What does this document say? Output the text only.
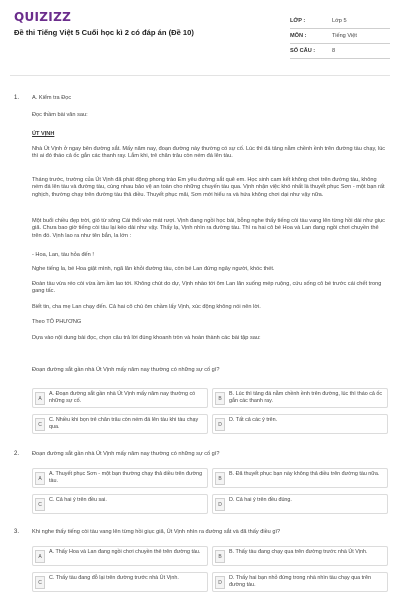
QUIZIZZ
Đề thi Tiếng Việt 5 Cuối học kì 2 có đáp án (Đề 10)
LỚP :	Lớp 5
MÔN :	Tiếng Việt
SỐ CÂU :	8
1. A. Kiểm tra Đọc
Đọc thầm bài văn sau:
ÚT VỊNH
Nhà Út Vịnh ở ngay bên đường sắt. Mấy năm nay, đoạn đường này thường có sự cố. Lúc thì đá tảng nằm chềnh ềnh trên đường tàu chạy, lúc thì ai đó tháo cả ốc gắn các thanh ray. Lắm khi, trẻ chăn trâu còn ném đá lên tàu.
Tháng trước, trường của Út Vịnh đã phát động phong trào Em yêu đường sắt quê em. Học sinh cam kết không chơi trên đường tàu, không ném đá lên tàu và đường tàu, cùng nhau bảo vệ an toàn cho những chuyến tàu qua. Vịnh nhận việc khó nhất là thuyết phục Sơn - một bạn rất nghịch, thường chạy trên đường tàu thả diều. Thuyết phục mãi, Sơn mới hiểu ra và hứa không chơi dại như vậy nữa.
Một buổi chiều đẹp trời, gió từ sông Cái thổi vào mát rượi. Vịnh đang ngồi học bài, bỗng nghe thấy tiếng còi tàu vang lên từng hồi dài như giục giã. Chưa bao giờ tiếng còi tàu lại kéo dài như vậy. Thấy lạ, Vịnh nhìn ra đường tàu. Thì ra hai cô bé Hoa và Lan đang ngồi chơi chuyền thẻ trên đó. Vịnh lao ra như tên bắn, la lớn :
- Hoa, Lan, tàu hỏa đến !
Nghe tiếng la, bé Hoa giật mình, ngã lăn khỏi đường tàu, còn bé Lan đứng ngây người, khóc thét.
Đoàn tàu vừa réo còi vừa ầm ầm lao tới. Không chút do dự, Vịnh nhào tới ôm Lan lăn xuống mép ruộng, cứu sống cô bé trước cái chết trong gang tấc.
Biết tin, cha mẹ Lan chạy đến. Cả hai cô chú ôm chầm lấy Vịnh, xúc động không nói nên lời.
Theo TÔ PHƯƠNG
Dựa vào nội dung bài đọc, chọn câu trả lời đúng khoanh tròn và hoàn thành các bài tập sau:
Đoạn đường sắt gần nhà Út Vịnh mấy năm nay thường có những sự cố gì?
A
A. Đoạn đường sắt gần nhà Út Vịnh mấy năm nay thường có những sự cố.	B
B. Lúc thì tảng đá nằm chềnh ềnh trên đường, lúc thì tháo cả ốc gắn các thanh ray.
C
C. Nhiều khi bọn trẻ chăn trâu còn ném đá lên tàu khi tàu chạy qua.	D
D. Tất cả các ý trên.
2. Đoạn đường sắt gần nhà Út Vịnh mấy năm nay thường có những sự cố gì?
A
A. Thuyết phục Sơn - một bạn thường chạy thả diều trên đường tàu.	B
B. Đã thuyết phục bạn này không thả diều trên đường tàu nữa.
C
C. Cả hai ý trên đều sai.
D
D. Cả hai ý trên đều đúng.
3. Khi nghe thấy tiếng còi tàu vang lên từng hồi giục giã, Út Vịnh nhìn ra đường sắt và đã thấy điều gì?
A
A. Thấy Hoa và Lan đang ngồi chơi chuyền thẻ trên đường tàu.
B
B. Thấy tàu đang chạy qua trên đường trước nhà Út Vịnh.
C
C. Thấy tàu đang đỗ lại trên đường trước nhà Út Vịnh.
D
D. Thấy hai bạn nhỏ đứng trong nhà nhìn tàu chạy qua trên đường tàu.
